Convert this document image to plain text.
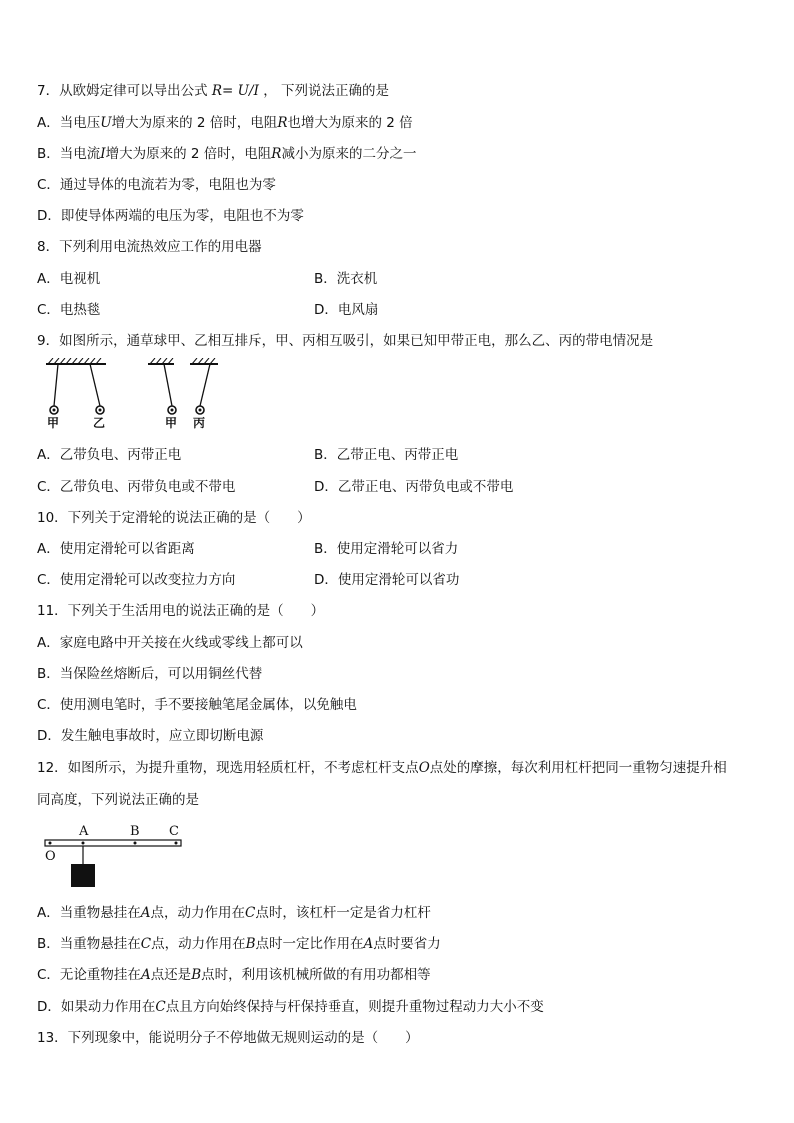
7．从欧姆定律可以导出公式 R= U/I ， 下列说法正确的是
A．当电压U增大为原来的 2 倍时，电阻R也增大为原来的 2 倍
B．当电流I增大为原来的 2 倍时，电阻R减小为原来的二分之一
C．通过导体的电流若为零，电阻也为零
D．即使导体两端的电压为零，电阻也不为零
8．下列利用电流热效应工作的用电器
A．电视机	B．洗衣机
C．电热毯	D．电风扇
9．如图所示，通草球甲、乙相互排斥，甲、丙相互吸引，如果已知甲带正电，那么乙、丙的带电情况是
甲	乙	甲 丙
A．乙带负电、丙带正电	B．乙带正电、丙带正电
C．乙带负电、丙带负电或不带电	D．乙带正电、丙带负电或不带电
10．下列关于定滑轮的说法正确的是（　　）
A．使用定滑轮可以省距离	B．使用定滑轮可以省力
C．使用定滑轮可以改变拉力方向	D．使用定滑轮可以省功
11．下列关于生活用电的说法正确的是（　　）
A．家庭电路中开关接在火线或零线上都可以
B．当保险丝熔断后，可以用铜丝代替
C．使用测电笔时，手不要接触笔尾金属体，以免触电
D．发生触电事故时，应立即切断电源
12．如图所示，为提升重物，现选用轻质杠杆，不考虑杠杆支点O点处的摩擦，每次利用杠杆把同一重物匀速提升相
同高度，下列说法正确的是
O
A	B C
A．当重物悬挂在A点，动力作用在C点时，该杠杆一定是省力杠杆
B．当重物悬挂在C点，动力作用在B点时一定比作用在A点时要省力
C．无论重物挂在A点还是B点时，利用该机械所做的有用功都相等
D．如果动力作用在C点且方向始终保持与杆保持垂直，则提升重物过程动力大小不变
13．下列现象中，能说明分子不停地做无规则运动的是（　　）
